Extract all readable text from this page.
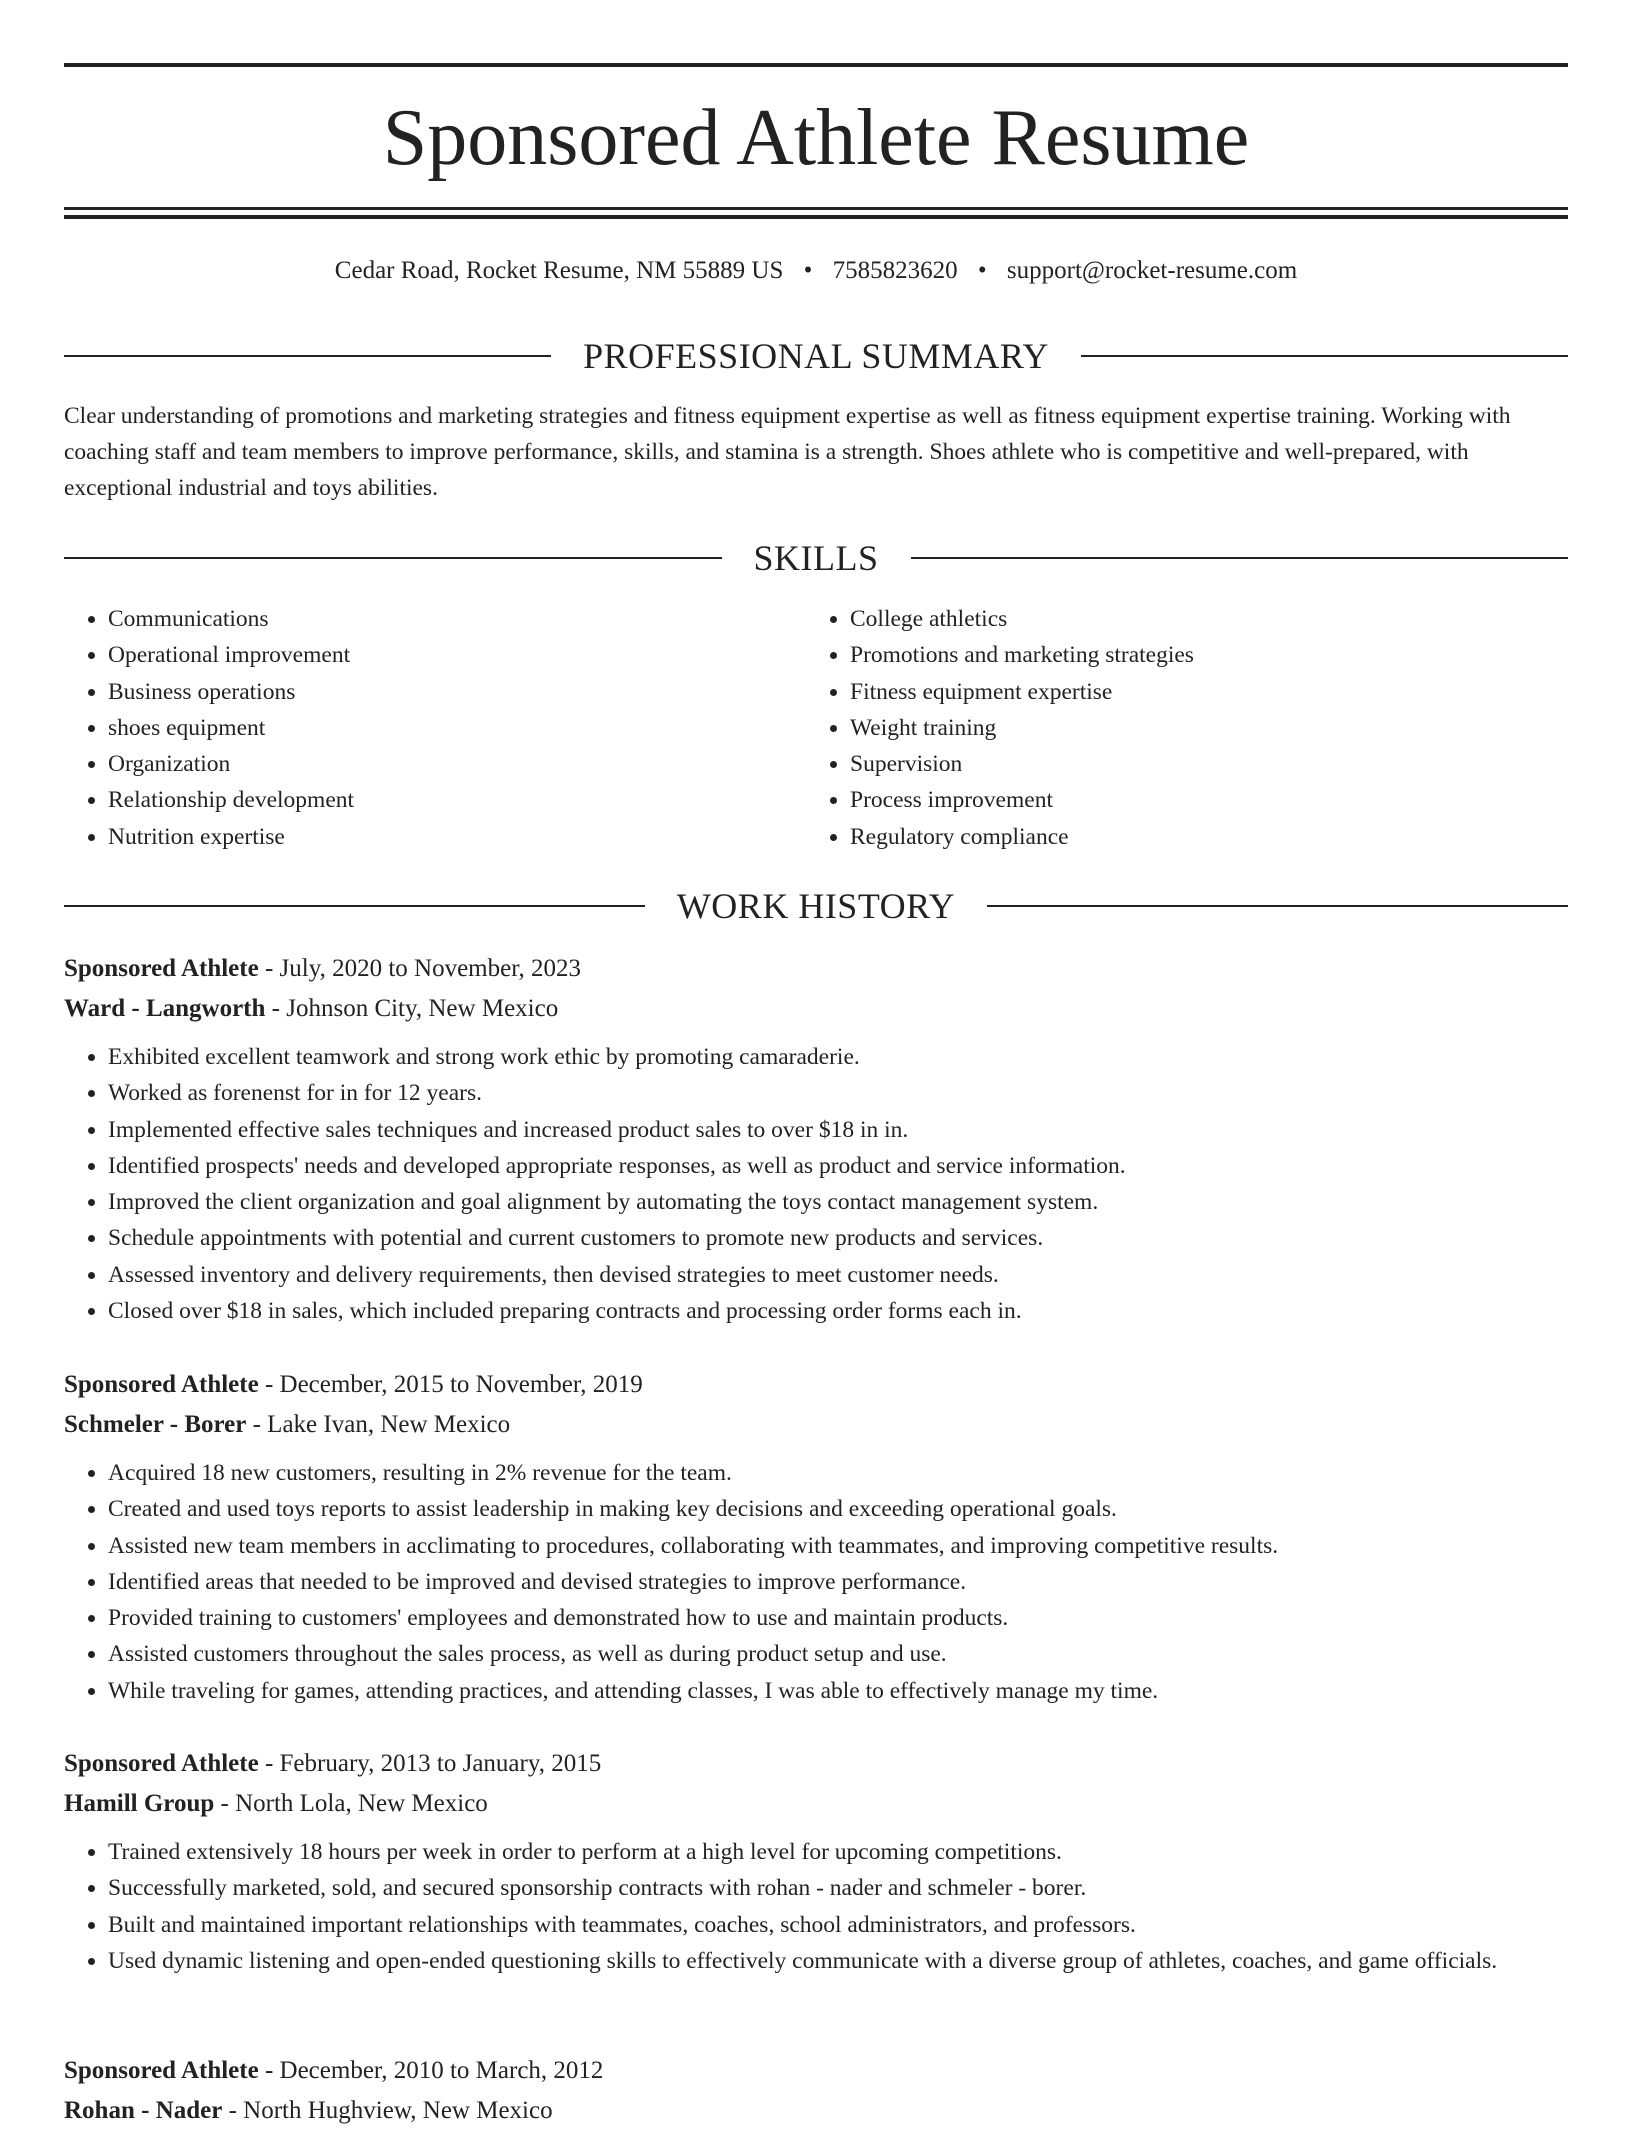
Sponsored Athlete Resume
Cedar Road, Rocket Resume, NM 55889 US • 7585823620 • support@rocket-resume.com
PROFESSIONAL SUMMARY

Clear understanding of promotions and marketing strategies and fitness equipment expertise as well as fitness equipment expertise training. Working with coaching staff and team members to improve performance, skills, and stamina is a strength. Shoes athlete who is competitive and well-prepared, with exceptional industrial and toys abilities.

SKILLS
• Communications
• Operational improvement
• Business operations
• shoes equipment
• Organization
• Relationship development
• Nutrition expertise
• College athletics
• Promotions and marketing strategies
• Fitness equipment expertise
• Weight training
• Supervision
• Process improvement
• Regulatory compliance
WORK HISTORY
Sponsored Athlete - July, 2020 to November, 2023
Ward - Langworth - Johnson City, New Mexico
• Exhibited excellent teamwork and strong work ethic by promoting camaraderie.
• Worked as forenenst for in for 12 years.
• Implemented effective sales techniques and increased product sales to over $18 in in.
• Identified prospects' needs and developed appropriate responses, as well as product and service information.
• Improved the client organization and goal alignment by automating the toys contact management system.
• Schedule appointments with potential and current customers to promote new products and services.
• Assessed inventory and delivery requirements, then devised strategies to meet customer needs.
• Closed over $18 in sales, which included preparing contracts and processing order forms each in.
Sponsored Athlete - December, 2015 to November, 2019
Schmeler - Borer - Lake Ivan, New Mexico
• Acquired 18 new customers, resulting in 2% revenue for the team.
• Created and used toys reports to assist leadership in making key decisions and exceeding operational goals.
• Assisted new team members in acclimating to procedures, collaborating with teammates, and improving competitive results.
• Identified areas that needed to be improved and devised strategies to improve performance.
• Provided training to customers' employees and demonstrated how to use and maintain products.
• Assisted customers throughout the sales process, as well as during product setup and use.
• While traveling for games, attending practices, and attending classes, I was able to effectively manage my time.
Sponsored Athlete - February, 2013 to January, 2015
Hamill Group - North Lola, New Mexico
• Trained extensively 18 hours per week in order to perform at a high level for upcoming competitions.
• Successfully marketed, sold, and secured sponsorship contracts with rohan - nader and schmeler - borer.
• Built and maintained important relationships with teammates, coaches, school administrators, and professors.
• Used dynamic listening and open-ended questioning skills to effectively communicate with a diverse group of athletes, coaches, and game officials.
Sponsored Athlete - December, 2010 to March, 2012
Rohan - Nader - North Hughview, New Mexico
